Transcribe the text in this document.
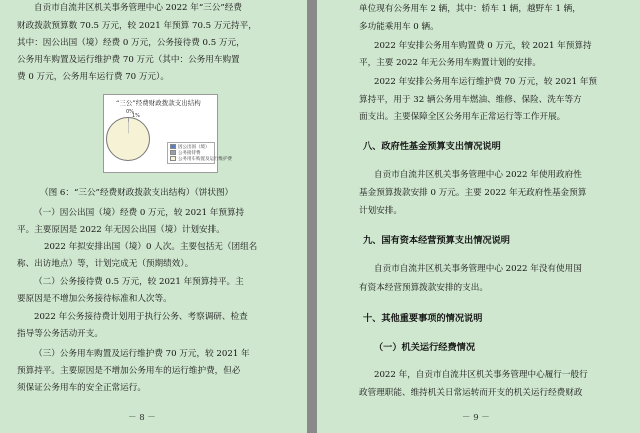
自贡市自流井区机关事务管理中心 2022 年“三公”经费
财政拨款预算数 70.5 万元，较 2021 年预算 70.5 万元持平，
其中：因公出国（境）经费 0 万元，公务接待费 0.5 万元，
公务用车购置及运行维护费 70 万元（其中：公务用车购置
费 0 万元，公务用车运行费 70 万元）。
“三公”经费财政拨款支出结构
0%
1%
因公出国（境）
公务接待费
公务用车购置及运行维护费
（图 6：“三公”经费财政拨款支出结构）（饼状图）
（一）因公出国（境）经费 0 万元，较 2021 年预算持
平。主要原因是 2022 年无因公出国（境）计划安排。
2022 年拟安排出国（境）0 人次。主要包括无（团组名
称、出访地点）等，计划完成无（预期绩效）。
（二）公务接待费 0.5 万元，较 2021 年预算持平。主
要原因是不增加公务接待标准和人次等。
2022 年公务接待费计划用于执行公务、考察调研、检查
指导等公务活动开支。
（三）公务用车购置及运行维护费 70 万元，较 2021 年
预算持平。主要原因是不增加公务用车的运行维护费，但必
须保证公务用车的安全正常运行。
－ 8 －
单位现有公务用车 2 辆，其中：轿车 1 辆，越野车 1 辆，
多功能乘用车 0 辆。
2022 年安排公务用车购置费 0 万元，较 2021 年预算持
平，主要 2022 年无公务用车购置计划的安排。
2022 年安排公务用车运行维护费 70 万元，较 2021 年预
算持平，用于 32 辆公务用车燃油、维修、保险、洗车等方
面支出。主要保障全区公务用车正常运行等工作开展。
八、政府性基金预算支出情况说明
自贡市自流井区机关事务管理中心 2022 年使用政府性
基金预算拨款安排 0 万元。主要 2022 年无政府性基金预算
计划安排。
九、国有资本经营预算支出情况说明
自贡市自流井区机关事务管理中心 2022 年没有使用国
有资本经营预算拨款安排的支出。
十、其他重要事项的情况说明
（一）机关运行经费情况
2022 年，自贡市自流井区机关事务管理中心履行一般行
政管理职能、维持机关日常运转而开支的机关运行经费财政
－ 9 －
